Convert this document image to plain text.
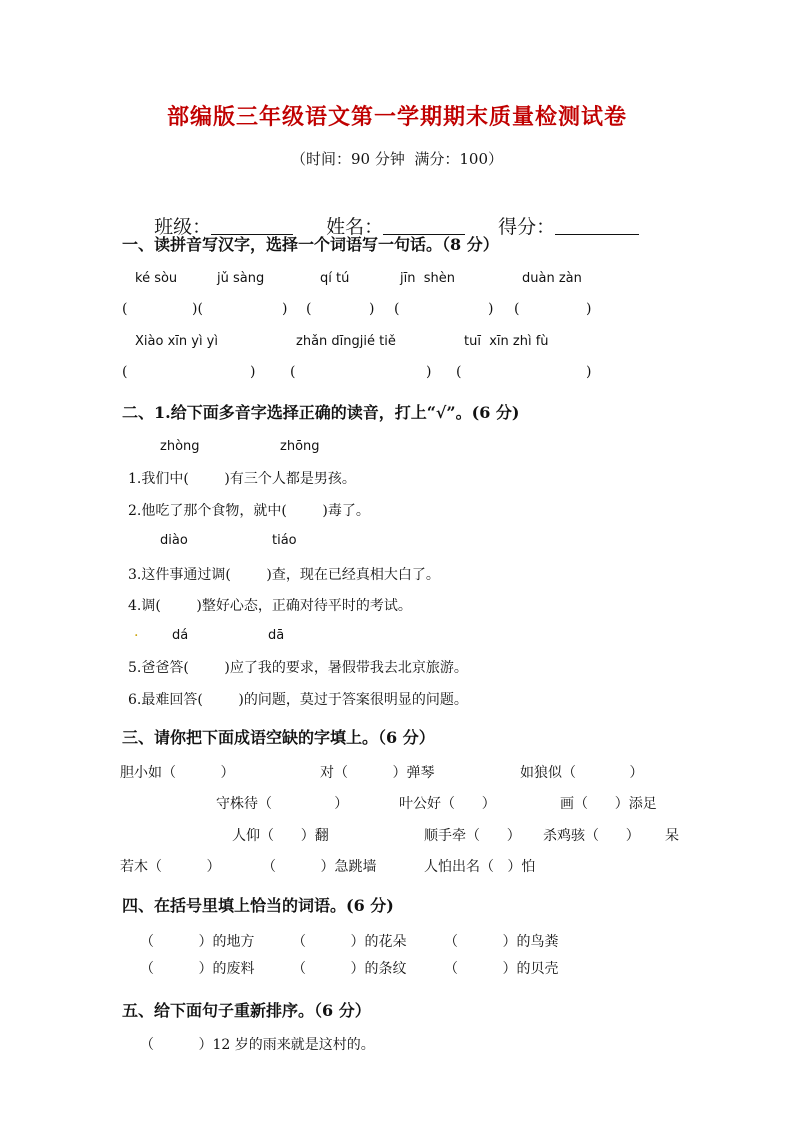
部编版三年级语文第一学期期末质量检测试卷
（时间：90 分钟  满分：100）

班级：	姓名：	得分：

一、读拼音写汉字，选择一个词语写一句话。（8 分）
ké sòu	jǔ sàng	qí tú	jīn  shèn	duàn zàn
(	)(	) (	) (	) (	)
Xiào xīn yì yì	zhǎn dīngjié tiě	tuī  xīn zhì fù
(	) (	) (	)
二、1.给下面多音字选择正确的读音，打上“√”。(6 分)
zhòng	zhōng
1.我们中(        )有三个人都是男孩。
2.他吃了那个食物，就中(        )毒了。
diào	tiáo
3.这件事通过调(        )查，现在已经真相大白了。
4.调(        )整好心态，正确对待平时的考试。
.	dá	dā
5.爸爸答(        )应了我的要求，暑假带我去北京旅游。
6.最难回答(        )的问题，莫过于答案很明显的问题。
三、请你把下面成语空缺的字填上。（6 分）
胆小如（          ）	对（          ）弹琴	如狼似（            ）
守株待（              ）	叶公好（      ）	画（      ）添足
人仰（      ）翻	顺手牵（      ） 杀鸡骇（      ） 呆
若木（          ）	（          ）急跳墙	人怕出名（   ）怕
四、在括号里填上恰当的词语。(6 分)
（          ）的地方	（          ）的花朵	（          ）的鸟粪
（          ）的废料	（          ）的条纹	（          ）的贝壳
五、给下面句子重新排序。（6 分）
（          ）12 岁的雨来就是这村的。
